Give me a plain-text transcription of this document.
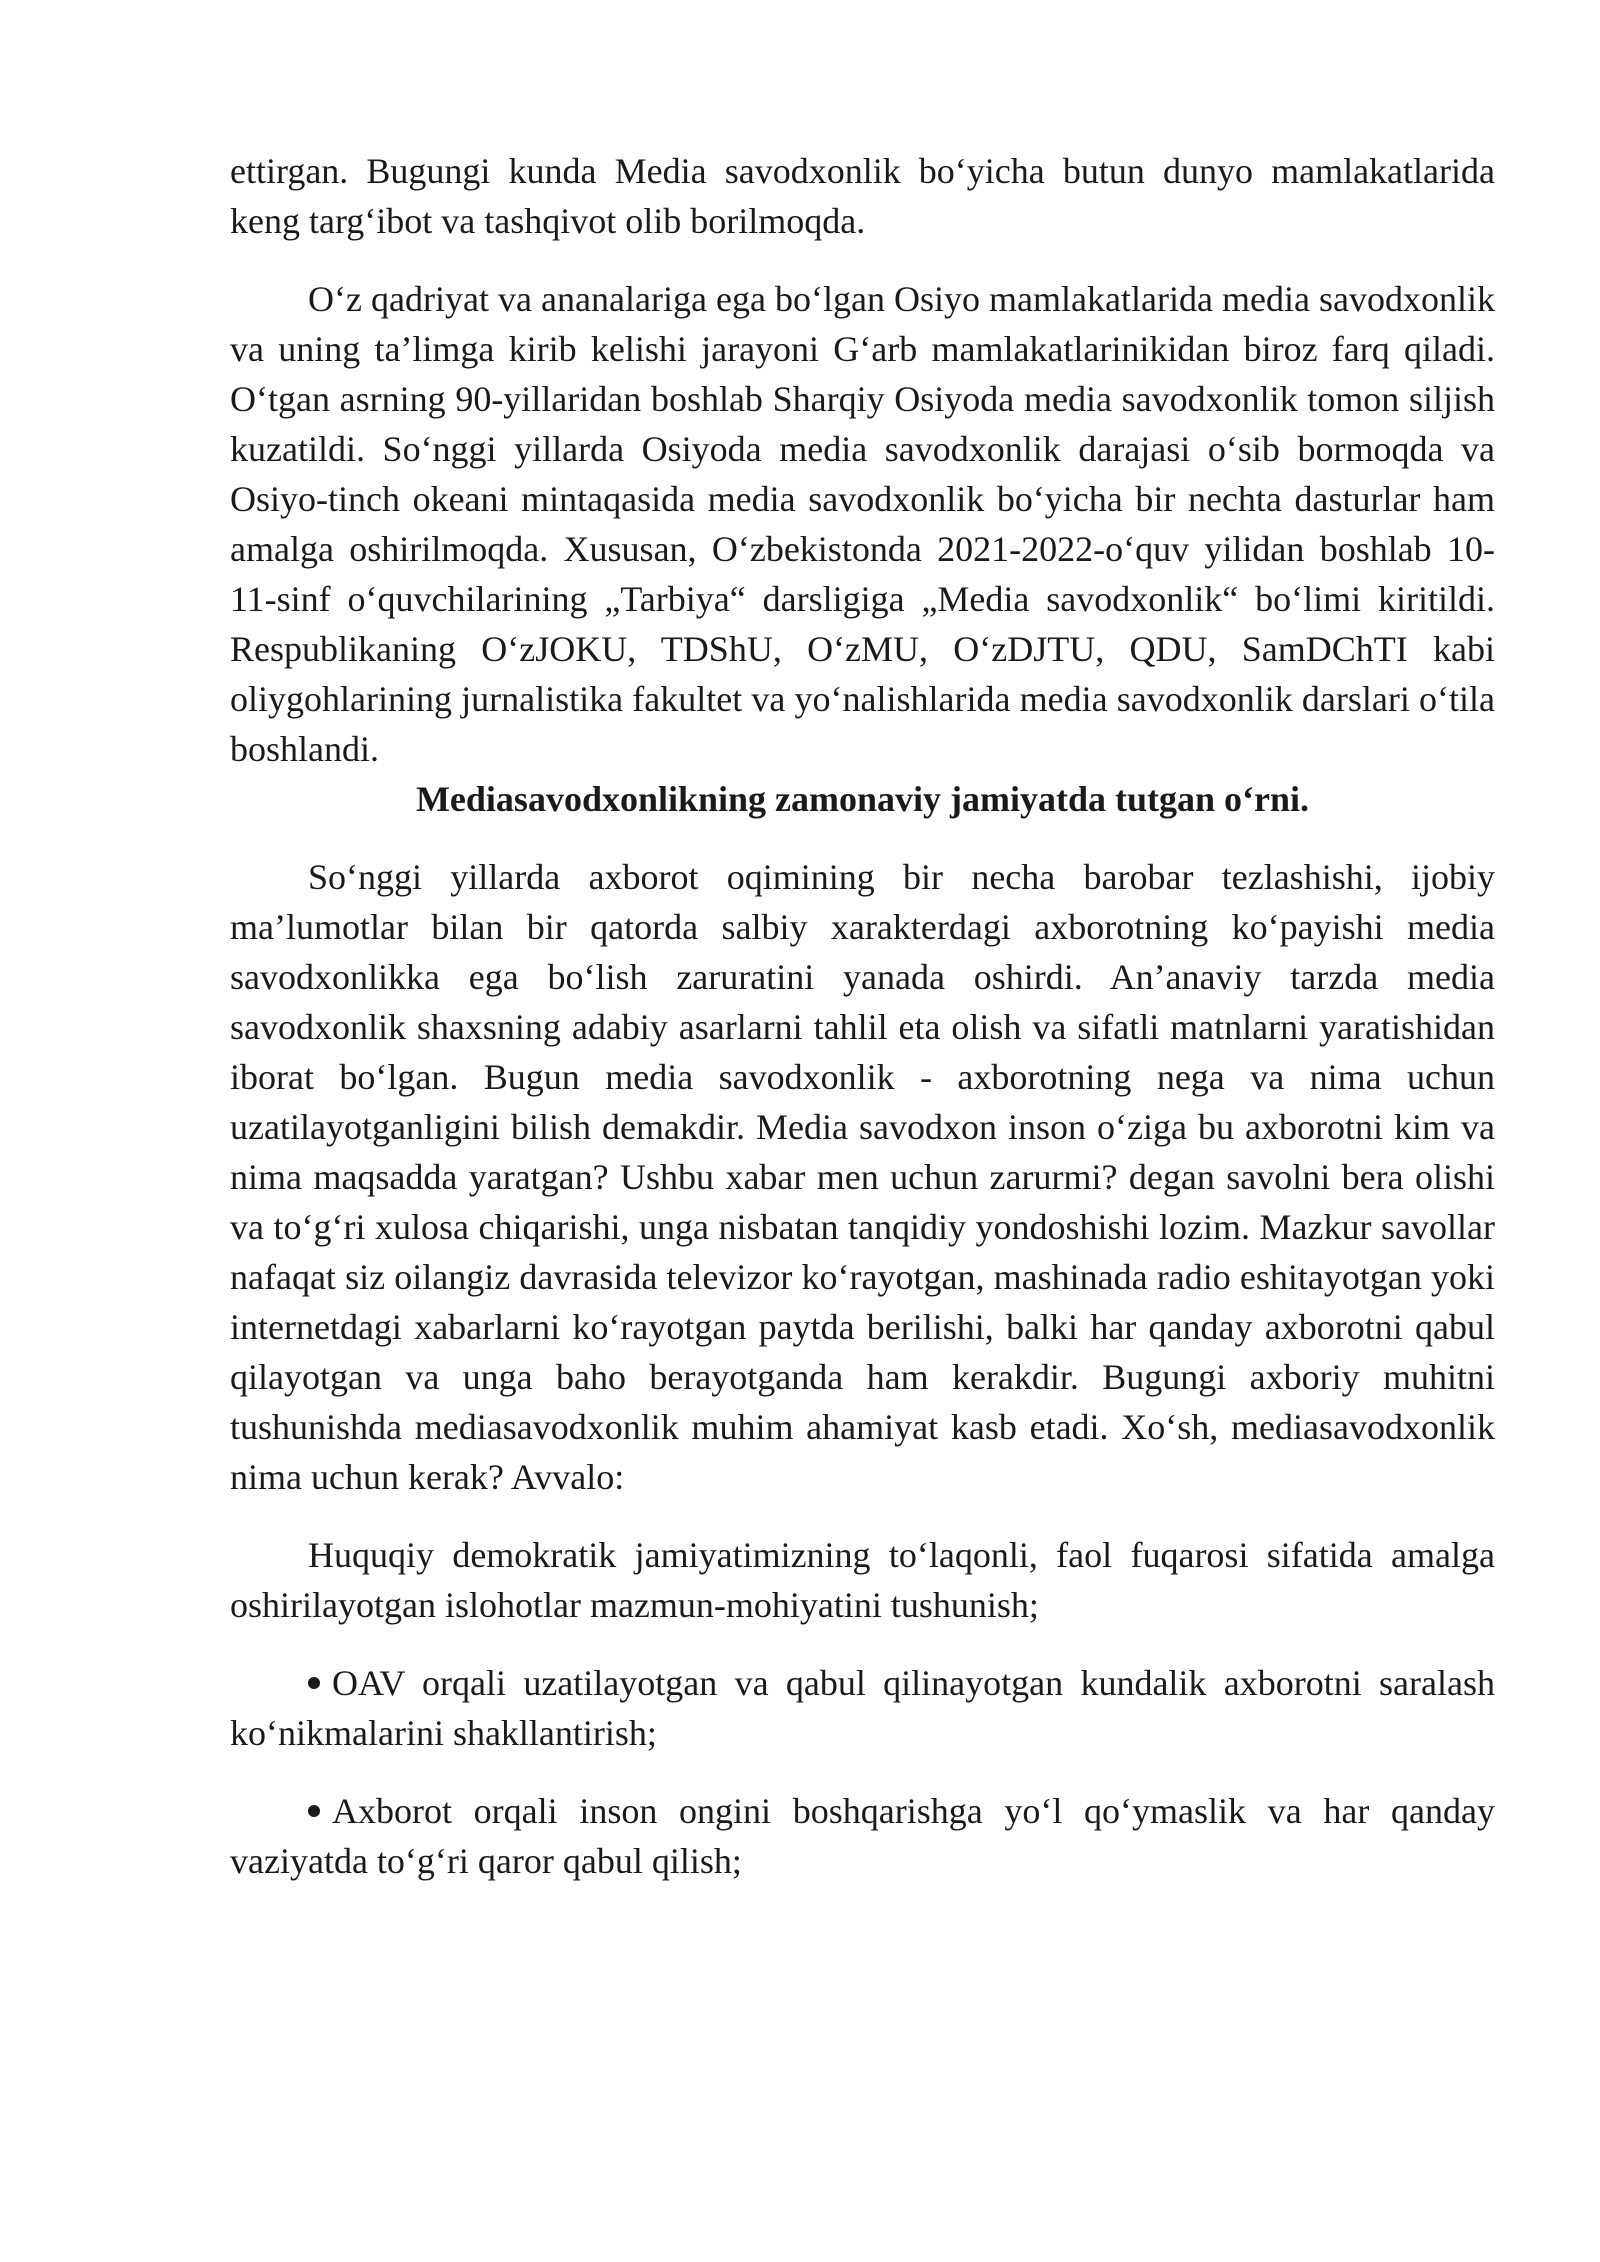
ettirgan. Bugungi kunda Media savodxonlik bo‘yicha butun dunyo mamlakatlarida keng targ‘ibot va tashqivot olib borilmoqda.

O‘z qadriyat va ananalariga ega bo‘lgan Osiyo mamlakatlarida media savodxonlik va uning ta’limga kirib kelishi jarayoni G‘arb mamlakatlarinikidan biroz farq qiladi. O‘tgan asrning 90-yillaridan boshlab Sharqiy Osiyoda media savodxonlik tomon siljish kuzatildi. So‘nggi yillarda Osiyoda media savodxonlik darajasi o‘sib bormoqda va Osiyo-tinch okeani mintaqasida media savodxonlik bo‘yicha bir nechta dasturlar ham amalga oshirilmoqda. Xususan, O‘zbekistonda 2021-2022-o‘quv yilidan boshlab 10-11-sinf o‘quvchilarining „Tarbiya“ darsligiga „Media savodxonlik“ bo‘limi kiritildi. Respublikaning O‘zJOKU, TDShU, O‘zMU, O‘zDJTU, QDU, SamDChTI kabi oliygohlarining jurnalistika fakultet va yo‘nalishlarida media savodxonlik darslari o‘tila boshlandi.

Mediasavodxonlikning zamonaviy jamiyatda tutgan o‘rni.

So‘nggi yillarda axborot oqimining bir necha barobar tezlashishi, ijobiy ma’lumotlar bilan bir qatorda salbiy xarakterdagi axborotning ko‘payishi media savodxonlikka ega bo‘lish zaruratini yanada oshirdi. An’anaviy tarzda media savodxonlik shaxsning adabiy asarlarni tahlil eta olish va sifatli matnlarni yaratishidan iborat bo‘lgan. Bugun media savodxonlik - axborotning nega va nima uchun uzatilayotganligini bilish demakdir. Media savodxon inson o‘ziga bu axborotni kim va nima maqsadda yaratgan? Ushbu xabar men uchun zarurmi? degan savolni bera olishi va to‘g‘ri xulosa chiqarishi, unga nisbatan tanqidiy yondoshishi lozim. Mazkur savollar nafaqat siz oilangiz davrasida televizor ko‘rayotgan, mashinada radio eshitayotgan yoki internetdagi xabarlarni ko‘rayotgan paytda berilishi, balki har qanday axborotni qabul qilayotgan va unga baho berayotganda ham kerakdir. Bugungi axboriy muhitni tushunishda mediasavodxonlik muhim ahamiyat kasb etadi. Xo‘sh, mediasavodxonlik nima uchun kerak? Avvalo:

Huquqiy demokratik jamiyatimizning to‘laqonli, faol fuqarosi sifatida amalga oshirilayotgan islohotlar mazmun-mohiyatini tushunish;

OAV orqali uzatilayotgan va qabul qilinayotgan kundalik axborotni saralash ko‘nikmalarini shakllantirish;

Axborot orqali inson ongini boshqarishga yo‘l qo‘ymaslik va har qanday vaziyatda to‘g‘ri qaror qabul qilish;
